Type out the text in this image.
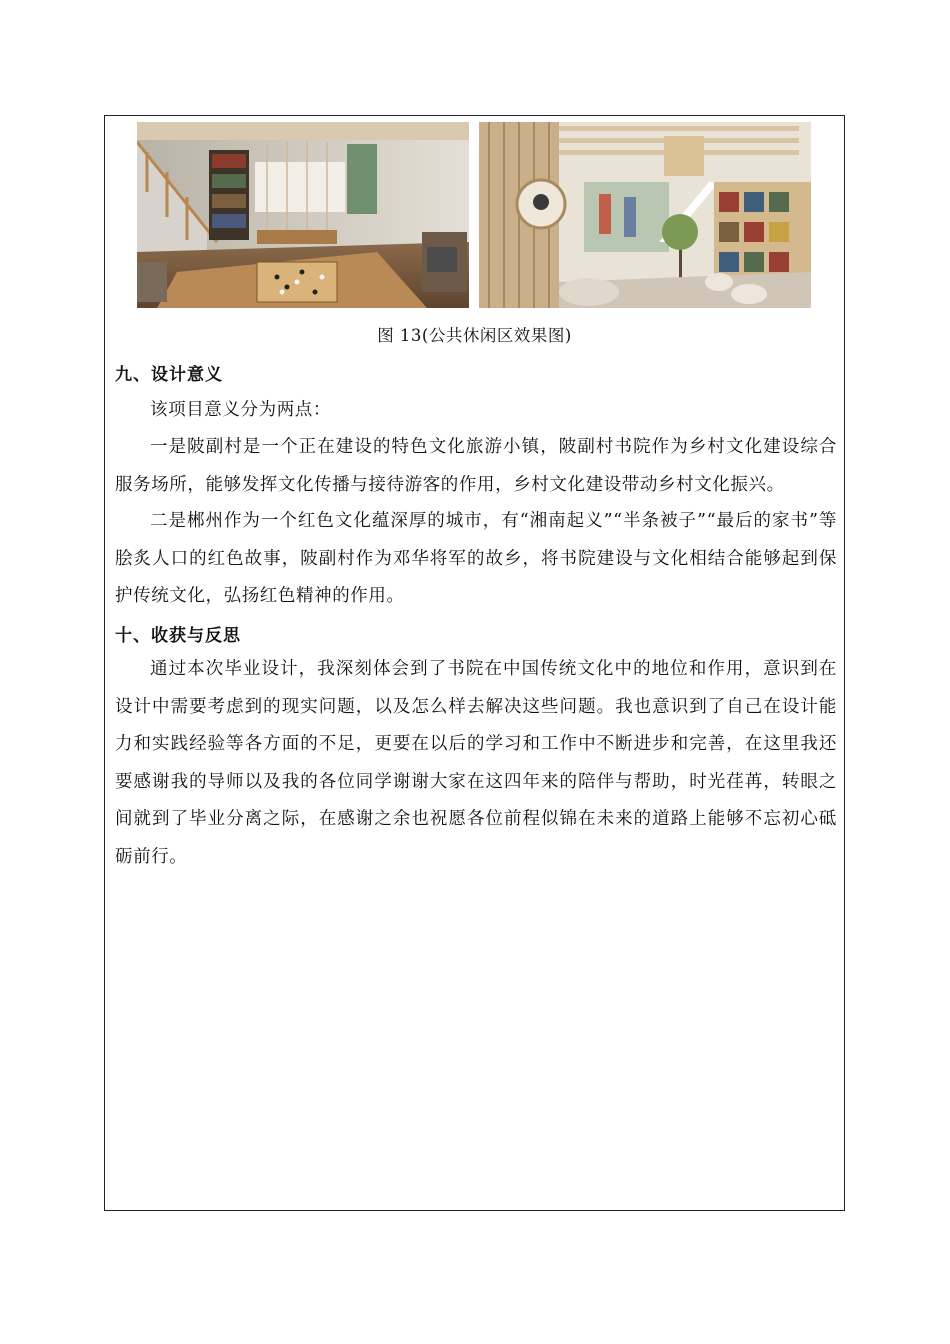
图 13(公共休闲区效果图)
九、设计意义
该项目意义分为两点：
一是陂副村是一个正在建设的特色文化旅游小镇，陂副村书院作为乡村文化建设综合服务场所，能够发挥文化传播与接待游客的作用，乡村文化建设带动乡村文化振兴。
二是郴州作为一个红色文化蕴深厚的城市，有“湘南起义”“半条被子”“最后的家书”等脍炙人口的红色故事，陂副村作为邓华将军的故乡，将书院建设与文化相结合能够起到保护传统文化，弘扬红色精神的作用。
十、收获与反思
通过本次毕业设计，我深刻体会到了书院在中国传统文化中的地位和作用，意识到在设计中需要考虑到的现实问题，以及怎么样去解决这些问题。我也意识到了自己在设计能力和实践经验等各方面的不足，更要在以后的学习和工作中不断进步和完善，在这里我还要感谢我的导师以及我的各位同学谢谢大家在这四年来的陪伴与帮助，时光荏苒，转眼之间就到了毕业分离之际，在感谢之余也祝愿各位前程似锦在未来的道路上能够不忘初心砥砺前行。
